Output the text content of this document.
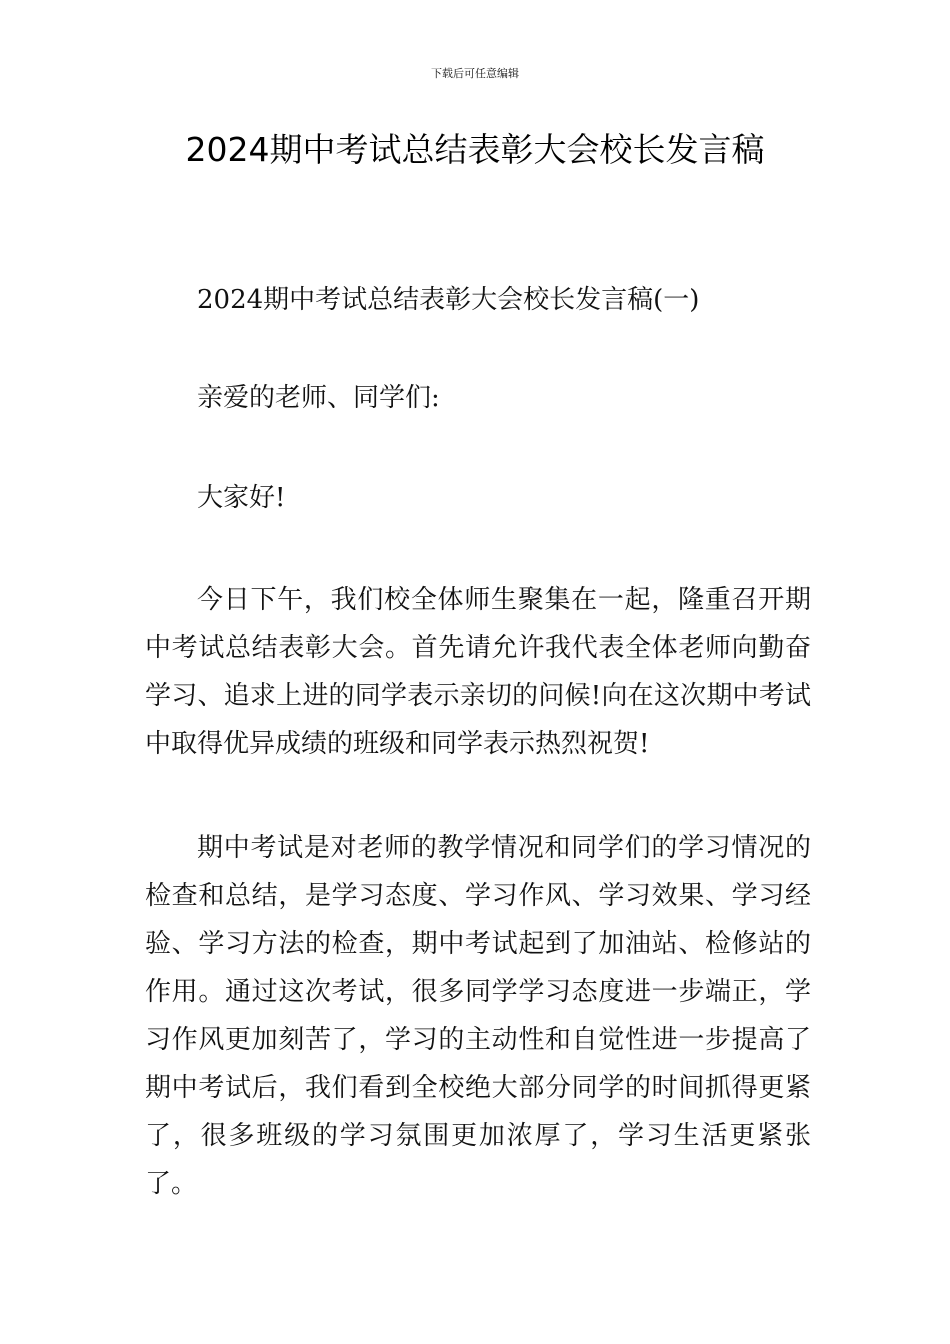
下载后可任意编辑
2024期中考试总结表彰大会校长发言稿

2024期中考试总结表彰大会校长发言稿(一)

亲爱的老师、同学们:

大家好!

今日下午，我们校全体师生聚集在一起，隆重召开期中考试总结表彰大会。首先请允许我代表全体老师向勤奋学习、追求上进的同学表示亲切的问候!向在这次期中考试中取得优异成绩的班级和同学表示热烈祝贺!

期中考试是对老师的教学情况和同学们的学习情况的检查和总结，是学习态度、学习作风、学习效果、学习经验、学习方法的检查，期中考试起到了加油站、检修站的作用。通过这次考试，很多同学学习态度进一步端正，学习作风更加刻苦了，学习的主动性和自觉性进一步提高了期中考试后，我们看到全校绝大部分同学的时间抓得更紧了，很多班级的学习氛围更加浓厚了，学习生活更紧张了。
